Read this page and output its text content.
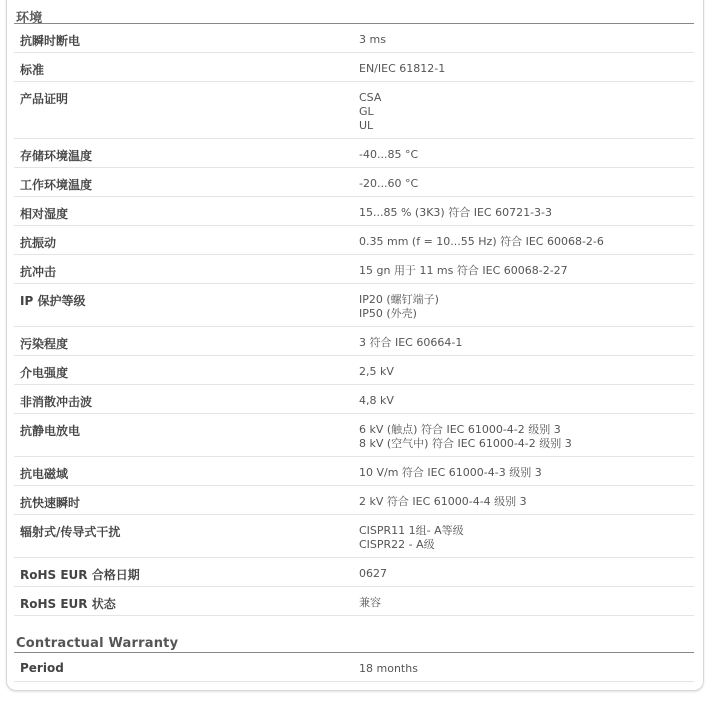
环境
抗瞬时断电	3 ms
标准	EN/IEC 61812-1
产品证明	CSA
GL
UL
存储环境温度	-40...85 °C
工作环境温度	-20...60 °C
相对湿度	15...85 % (3K3) 符合 IEC 60721-3-3
抗振动	0.35 mm (f = 10...55 Hz) 符合 IEC 60068-2-6
抗冲击	15 gn 用于 11 ms 符合 IEC 60068-2-27
IP 保护等级	IP20 (螺钉端子)
IP50 (外壳)
污染程度	3 符合 IEC 60664-1
介电强度	2,5 kV
非消散冲击波	4,8 kV
抗静电放电	6 kV (触点) 符合 IEC 61000-4-2 级别 3
8 kV (空气中) 符合 IEC 61000-4-2 级别 3
抗电磁域	10 V/m 符合 IEC 61000-4-3 级别 3
抗快速瞬时	2 kV 符合 IEC 61000-4-4 级别 3
辐射式/传导式干扰	CISPR11 1组- A等级
CISPR22 - A级
RoHS EUR 合格日期	0627
RoHS EUR 状态	兼容
Contractual Warranty
Period	18 months
